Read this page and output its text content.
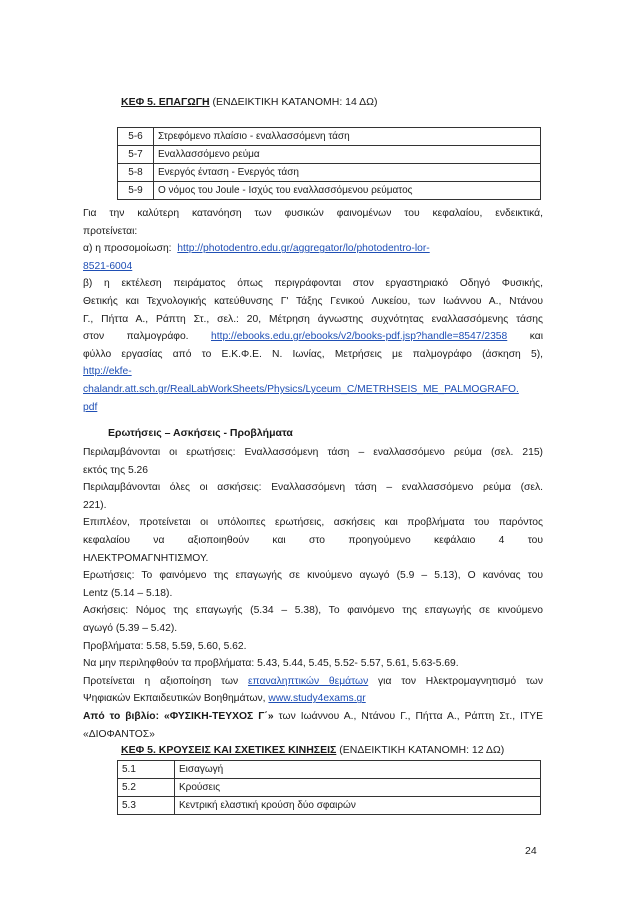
ΚΕΦ 5. ΕΠΑΓΩΓΗ (ΕΝΔΕΙΚΤΙΚΗ ΚΑΤΑΝΟΜΗ: 14 ΔΩ)
5-6	Στρεφόμενο πλαίσιο - εναλλασσόμενη τάση
5-7	Εναλλασσόμενο ρεύμα
5-8	Ενεργός ένταση - Ενεργός τάση
5-9	Ο νόμος του Joule - Ισχύς του εναλλασσόμενου ρεύματος
Για την καλύτερη κατανόηση των φυσικών φαινομένων του κεφαλαίου, ενδεικτικά,
προτείνεται:
α) η προσομοίωση: http://photodentro.edu.gr/aggregator/lo/photodentro-lor-
8521-6004
β) η εκτέλεση πειράματος όπως περιγράφονται στον εργαστηριακό Οδηγό Φυσικής,
Θετικής και Τεχνολογικής κατεύθυνσης Γ' Τάξης Γενικού Λυκείου, των Ιωάννου Α., Ντάνου
Γ., Πήττα Α., Ράπτη Στ., σελ.: 20, Μέτρηση άγνωστης συχνότητας εναλλασσόμενης τάσης
στον παλμογράφο. http://ebooks.edu.gr/ebooks/v2/books-pdf.jsp?handle=8547/2358 και
φύλλο εργασίας από το Ε.Κ.Φ.Ε. Ν. Ιωνίας, Μετρήσεις με παλμογράφο (άσκηση 5),
http://ekfe-
chalandr.att.sch.gr/RealLabWorkSheets/Physics/Lyceum_C/METRHSEIS_ME_PALMOGRAFO.
pdf
Ερωτήσεις – Ασκήσεις - Προβλήματα
Περιλαμβάνονται οι ερωτήσεις: Εναλλασσόμενη τάση – εναλλασσόμενο ρεύμα (σελ. 215)
εκτός της 5.26
Περιλαμβάνονται όλες οι ασκήσεις: Εναλλασσόμενη τάση – εναλλασσόμενο ρεύμα (σελ.
221).
Επιπλέον, προτείνεται οι υπόλοιπες ερωτήσεις, ασκήσεις και προβλήματα του παρόντος
κεφαλαίου να αξιοποιηθούν και στο προηγούμενο κεφάλαιο 4 του
ΗΛΕΚΤΡΟΜΑΓΝΗΤΙΣΜΟΥ.
Ερωτήσεις: Το φαινόμενο της επαγωγής σε κινούμενο αγωγό (5.9 – 5.13), Ο κανόνας του
Lentz (5.14 – 5.18).
Ασκήσεις: Νόμος της επαγωγής (5.34 – 5.38), Το φαινόμενο της επαγωγής σε κινούμενο
αγωγό (5.39 – 5.42).
Προβλήματα: 5.58, 5.59, 5.60, 5.62.
Να μην περιληφθούν τα προβλήματα: 5.43, 5.44, 5.45, 5.52- 5.57, 5.61, 5.63-5.69.
Προτείνεται η αξιοποίηση των επαναληπτικών θεμάτων για τον Ηλεκτρομαγνητισμό των
Ψηφιακών Εκπαιδευτικών Βοηθημάτων, www.study4exams.gr
Από το βιβλίο: «ΦΥΣΙΚΗ-ΤΕΥΧΟΣ Γ΄» των Ιωάννου Α., Ντάνου Γ., Πήττα Α., Ράπτη Στ., ΙΤΥΕ
«ΔΙΟΦΑΝΤΟΣ»
ΚΕΦ 5. ΚΡΟΥΣΕΙΣ ΚΑΙ ΣΧΕΤΙΚΕΣ ΚΙΝΗΣΕΙΣ (ΕΝΔΕΙΚΤΙΚΗ ΚΑΤΑΝΟΜΗ: 12 ΔΩ)
5.1	Εισαγωγή
5.2	Κρούσεις
5.3	Κεντρική ελαστική κρούση δύο σφαιρών
24
